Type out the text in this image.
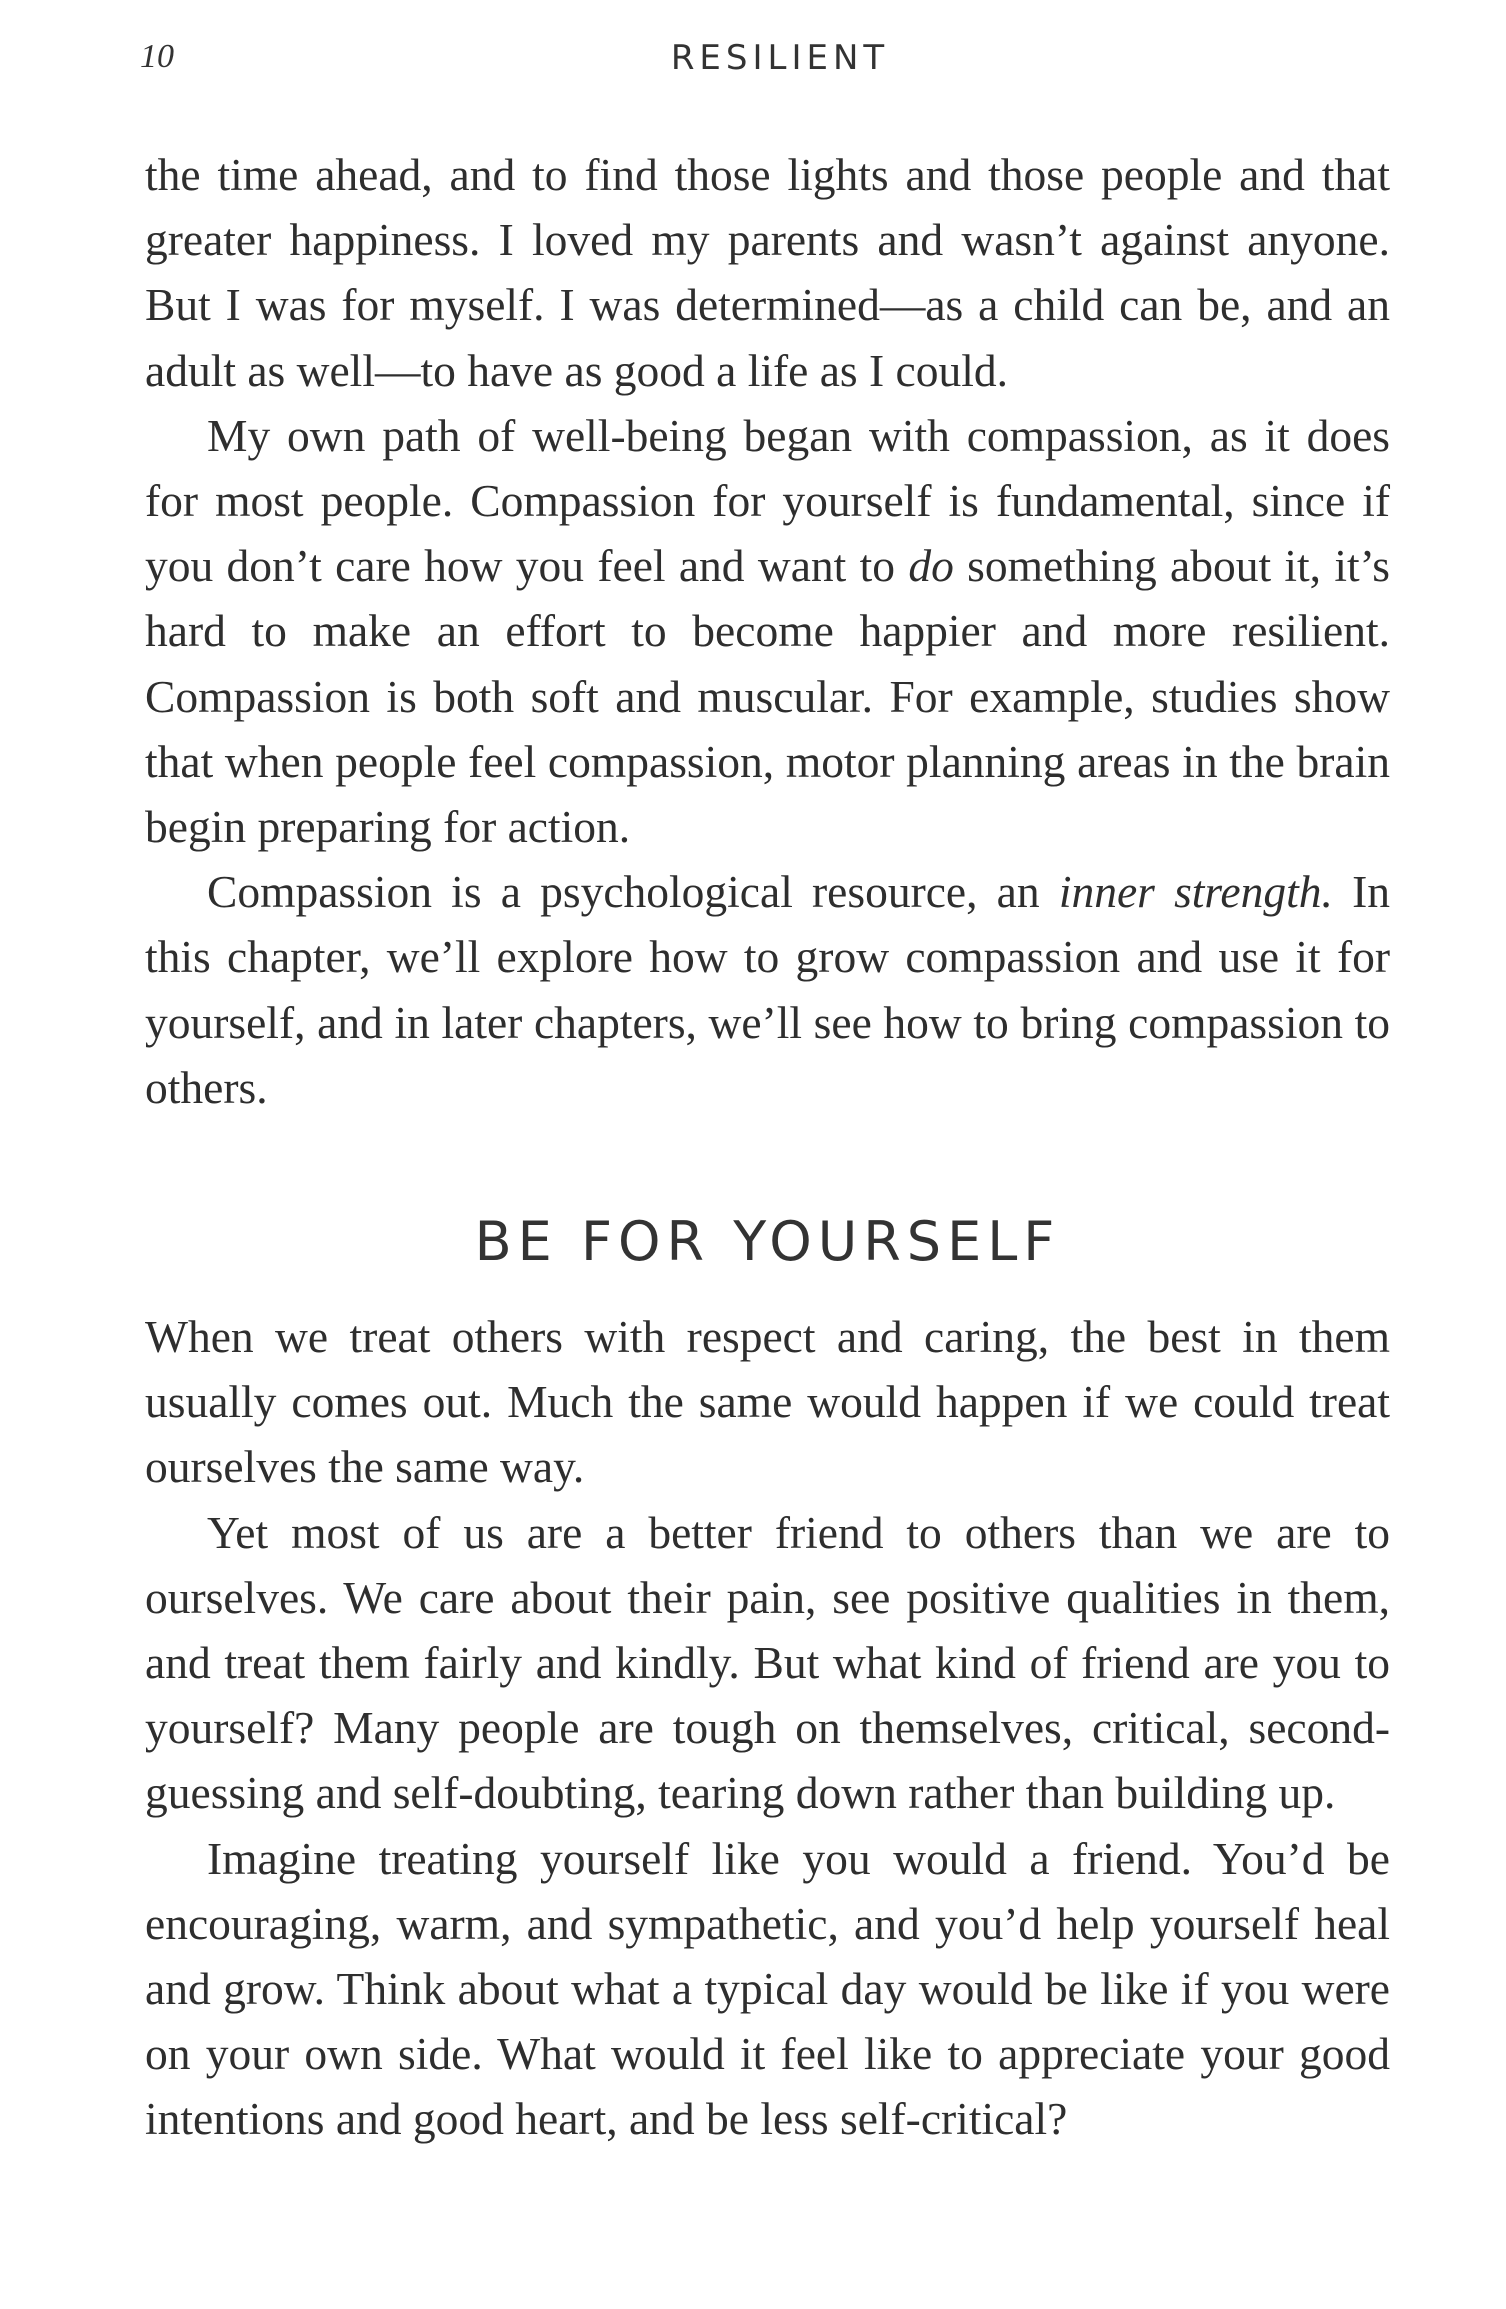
10	RESILIENT

the time ahead, and to find those lights and those people and that greater happiness. I loved my parents and wasn’t against anyone. But I was for myself. I was determined—as a child can be, and an adult as well—to have as good a life as I could.

My own path of well-being began with compassion, as it does for most people. Compassion for yourself is fundamental, since if you don’t care how you feel and want to do something about it, it’s hard to make an effort to become happier and more resilient. Compassion is both soft and muscular. For example, studies show that when people feel compassion, motor planning areas in the brain begin preparing for action.

Compassion is a psychological resource, an inner strength. In this chapter, we’ll explore how to grow compassion and use it for yourself, and in later chapters, we’ll see how to bring compassion to others.

BE FOR YOURSELF

When we treat others with respect and caring, the best in them usually comes out. Much the same would happen if we could treat ourselves the same way.

Yet most of us are a better friend to others than we are to ourselves. We care about their pain, see positive qualities in them, and treat them fairly and kindly. But what kind of friend are you to yourself? Many people are tough on themselves, critical, second-guessing and self-doubting, tearing down rather than building up.

Imagine treating yourself like you would a friend. You’d be encouraging, warm, and sympathetic, and you’d help yourself heal and grow. Think about what a typical day would be like if you were on your own side. What would it feel like to appreciate your good intentions and good heart, and be less self-critical?
